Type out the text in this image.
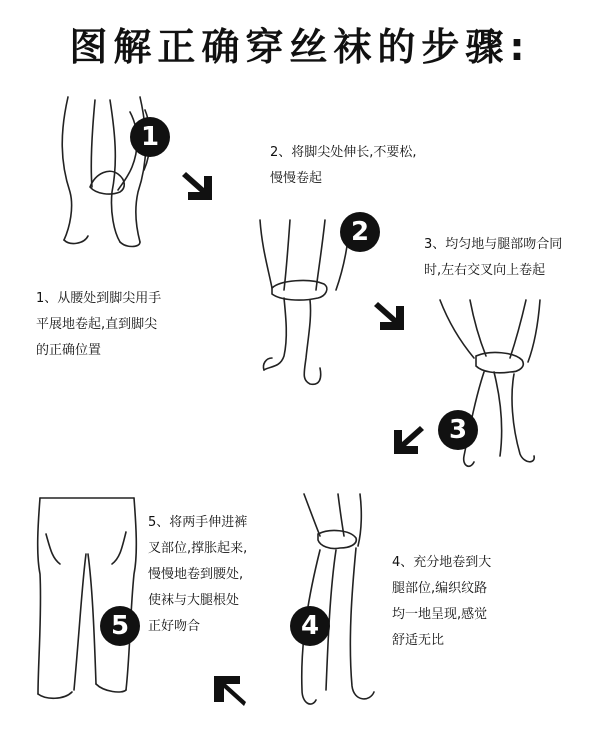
图解正确穿丝袜的步骤:
1
2、将脚尖处伸长,不要松,
慢慢卷起
1、从腰处到脚尖用手
平展地卷起,直到脚尖
的正确位置
2	3、均匀地与腿部吻合同
时,左右交叉向上卷起
3
5
5、将两手伸进裤
叉部位,撑胀起来,
慢慢地卷到腰处,
使袜与大腿根处
正好吻合	4
4、充分地卷到大
腿部位,编织纹路
均一地呈现,感觉
舒适无比
